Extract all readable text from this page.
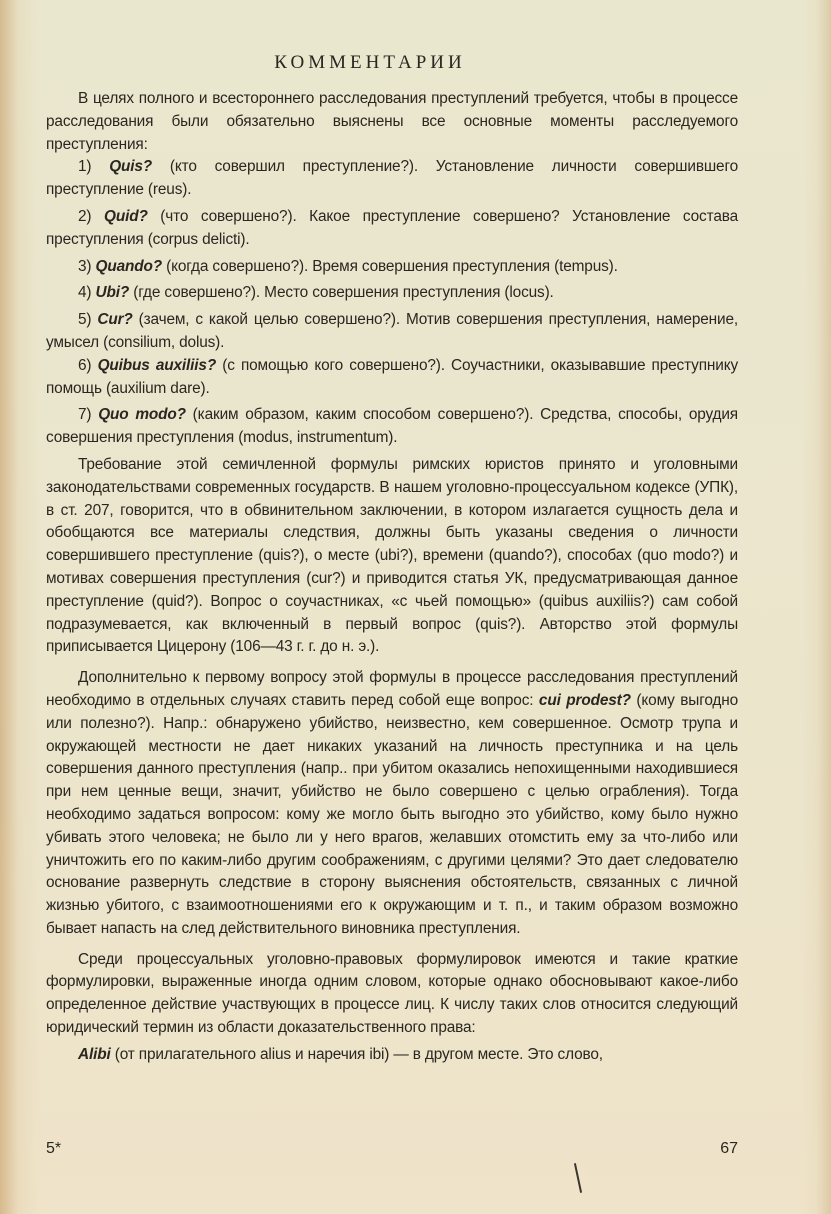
КОММЕНТАРИИ

В целях полного и всестороннего расследования преступлений требуется, чтобы в процессе расследования были обязательно выяснены все основные моменты расследуемого преступления:

1) Quis? (кто совершил преступление?). Установление личности совершившего преступление (reus).

2) Quid? (что совершено?). Какое преступление совершено? Установление состава преступления (corpus delicti).

3) Quando? (когда совершено?). Время совершения преступления (tempus).

4) Ubi? (где совершено?). Место совершения преступления (locus).

5) Cur? (зачем, с какой целью совершено?). Мотив совершения преступления, намерение, умысел (consilium, dolus).

6) Quibus auxiliis? (с помощью кого совершено?). Соучастники, оказывавшие преступнику помощь (auxilium dare).

7) Quo modo? (каким образом, каким способом совершено?). Средства, способы, орудия совершения преступления (modus, instrumentum).

Требование этой семичленной формулы римских юристов принято и уголовными законодательствами современных государств. В нашем уголовно-процессуальном кодексе (УПК), в ст. 207, говорится, что в обвинительном заключении, в котором излагается сущность дела и обобщаются все материалы следствия, должны быть указаны сведения о личности совершившего преступление (quis?), о месте (ubi?), времени (quando?), способах (quo modo?) и мотивах совершения преступления (cur?) и приводится статья УК, предусматривающая данное преступление (quid?). Вопрос о соучастниках, «с чьей помощью» (quibus auxiliis?) сам собой подразумевается, как включенный в первый вопрос (quis?). Авторство этой формулы приписывается Цицерону (106—43 г. г. до н. э.).

Дополнительно к первому вопросу этой формулы в процессе расследования преступлений необходимо в отдельных случаях ставить перед собой еще вопрос: cui prodest? (кому выгодно или полезно?). Напр.: обнаружено убийство, неизвестно, кем совершенное. Осмотр трупа и окружающей местности не дает никаких указаний на личность преступника и на цель совершения данного преступления (напр.. при убитом оказались непохищенными находившиеся при нем ценные вещи, значит, убийство не было совершено с целью ограбления). Тогда необходимо задаться вопросом: кому же могло быть выгодно это убийство, кому было нужно убивать этого человека; не было ли у него врагов, желавших отомстить ему за что-либо или уничтожить его по каким-либо другим соображениям, с другими целями? Это дает следователю основание развернуть следствие в сторону выяснения обстоятельств, связанных с личной жизнью убитого, с взаимоотношениями его к окружающим и т. п., и таким образом возможно бывает напасть на след действительного виновника преступления.

Среди процессуальных уголовно-правовых формулировок имеются и такие краткие формулировки, выраженные иногда одним словом, которые однако обосновывают какое-либо определенное действие участвующих в процессе лиц. К числу таких слов относится следующий юридический термин из области доказательственного права:

Alibi (от прилагательного alius и наречия ibi) — в другом месте. Это слово,

5*	67
